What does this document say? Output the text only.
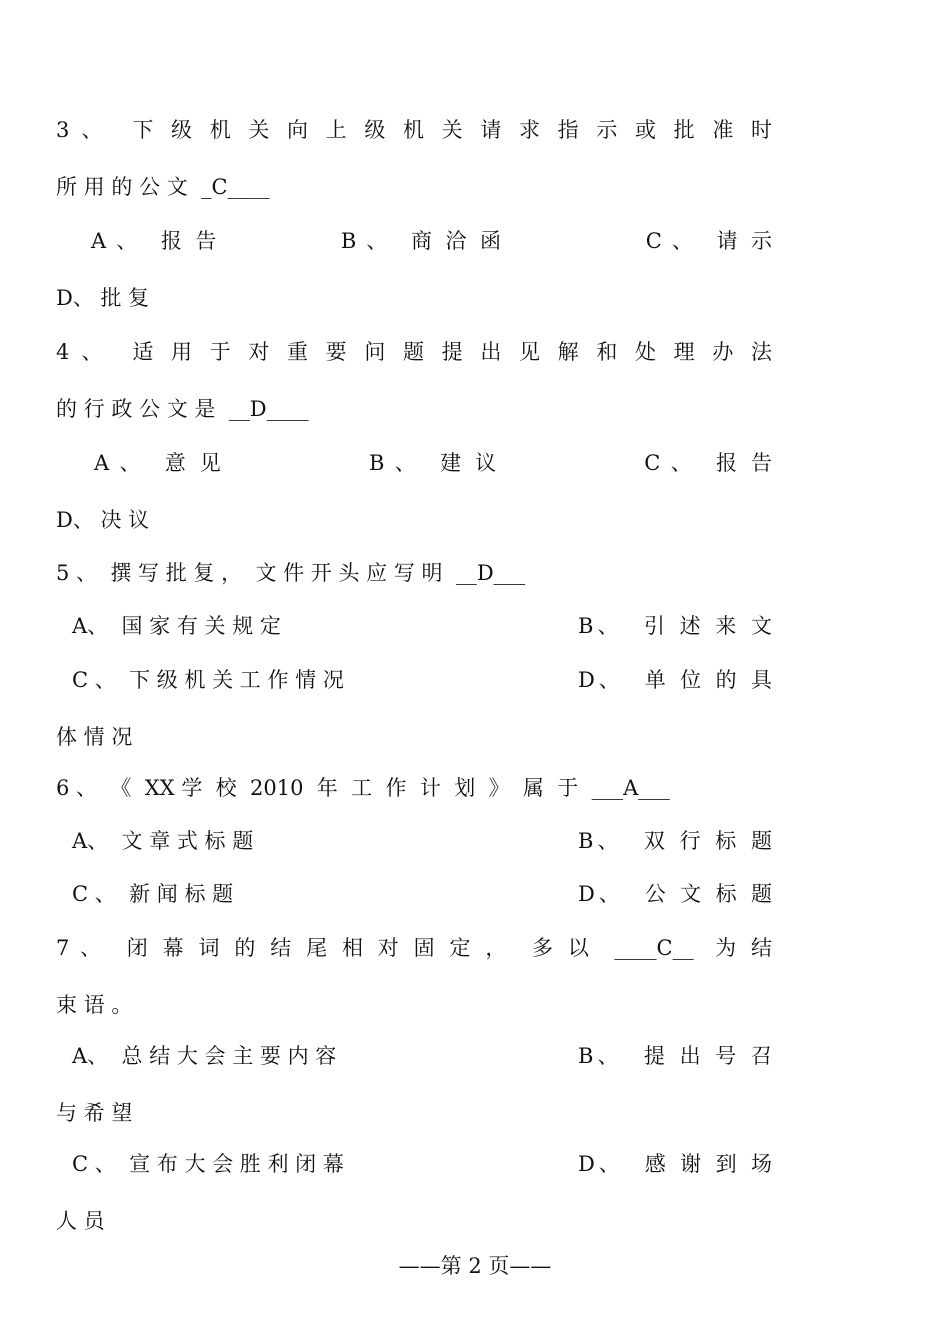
3 、  下 级 机 关 向 上 级 机 关 请 求 指 示 或 批 准 时
所 用 的 公 文  _C____
A 、  报 告            B 、  商 洽 函              C 、  请 示
D、 批 复
4 、  适 用 于 对 重 要 问 题 提 出 见 解 和 处 理 办 法
的 行 政 公 文 是  __D____
A 、  意 见              B 、  建 议              C 、  报 告
D、 决 议
5 、  撰 写 批 复 ，  文 件 开 头 应 写 明  __D___
A、  国 家 有 关 规 定	B、  引 述 来 文
C 、  下 级 机 关 工 作 情 况	D、  单 位 的 具
体 情 况
6 、  《  XX 学  校  2010  年  工  作  计  划  》  属  于  ___A___
A、  文 章 式 标 题	B、  双 行 标 题
C 、  新 闻 标 题	D、  公 文 标 题
7 、  闭 幕 词 的 结 尾 相 对 固 定 ，  多 以  ____C__  为 结
束 语 。
A、  总 结 大 会 主 要 内 容	B、  提 出 号 召
与 希 望
C 、  宣 布 大 会 胜 利 闭 幕	D、  感 谢 到 场
人 员
——第 2 页——
